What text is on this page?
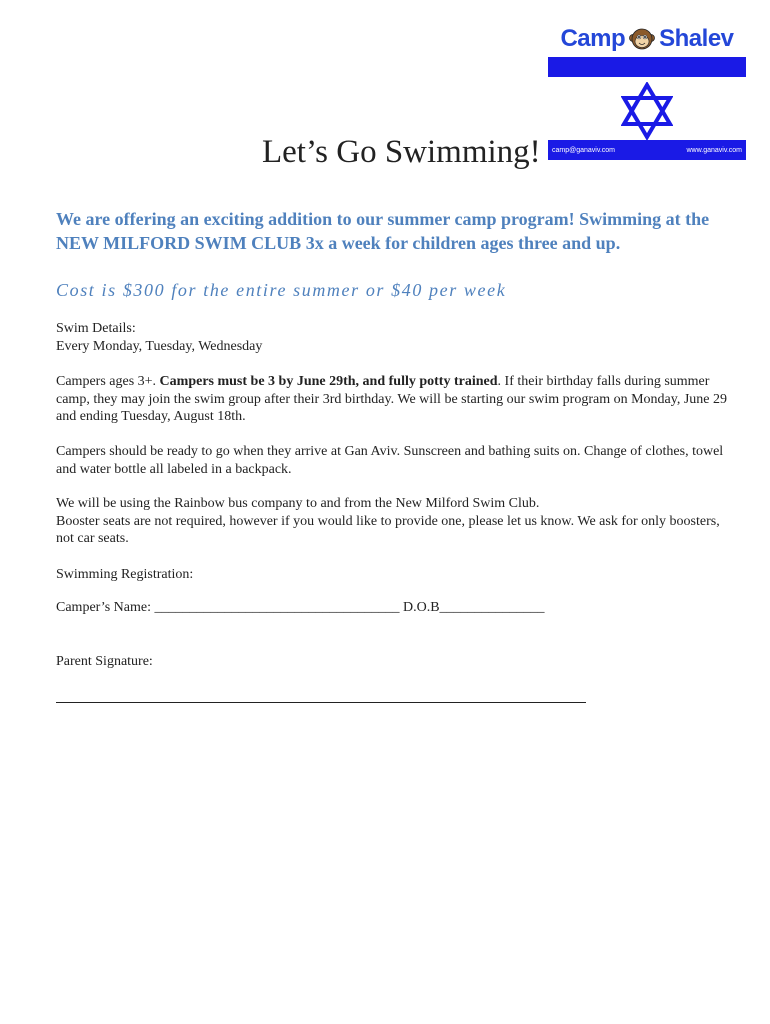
Camp Shalev
camp@ganaviv.com	www.ganaviv.com
Let’s Go Swimming!

We are offering an exciting addition to our summer camp program! Swimming at the NEW MILFORD SWIM CLUB 3x a week for children ages three and up.

Cost is $300 for the entire summer or $40 per week

Swim Details:
Every Monday, Tuesday, Wednesday

Campers ages 3+. Campers must be 3 by June 29th, and fully potty trained. If their birthday falls during summer camp, they may join the swim group after their 3rd birthday. We will be starting our swim program on Monday, June 29 and ending Tuesday, August 18th.

Campers should be ready to go when they arrive at Gan Aviv. Sunscreen and bathing suits on. Change of clothes, towel and water bottle all labeled in a backpack.

We will be using the Rainbow bus company to and from the New Milford Swim Club.
Booster seats are not required, however if you would like to provide one, please let us know. We ask for only boosters, not car seats.

Swimming Registration:

Camper’s Name: ___________________________________ D.O.B_______________

Parent Signature:
